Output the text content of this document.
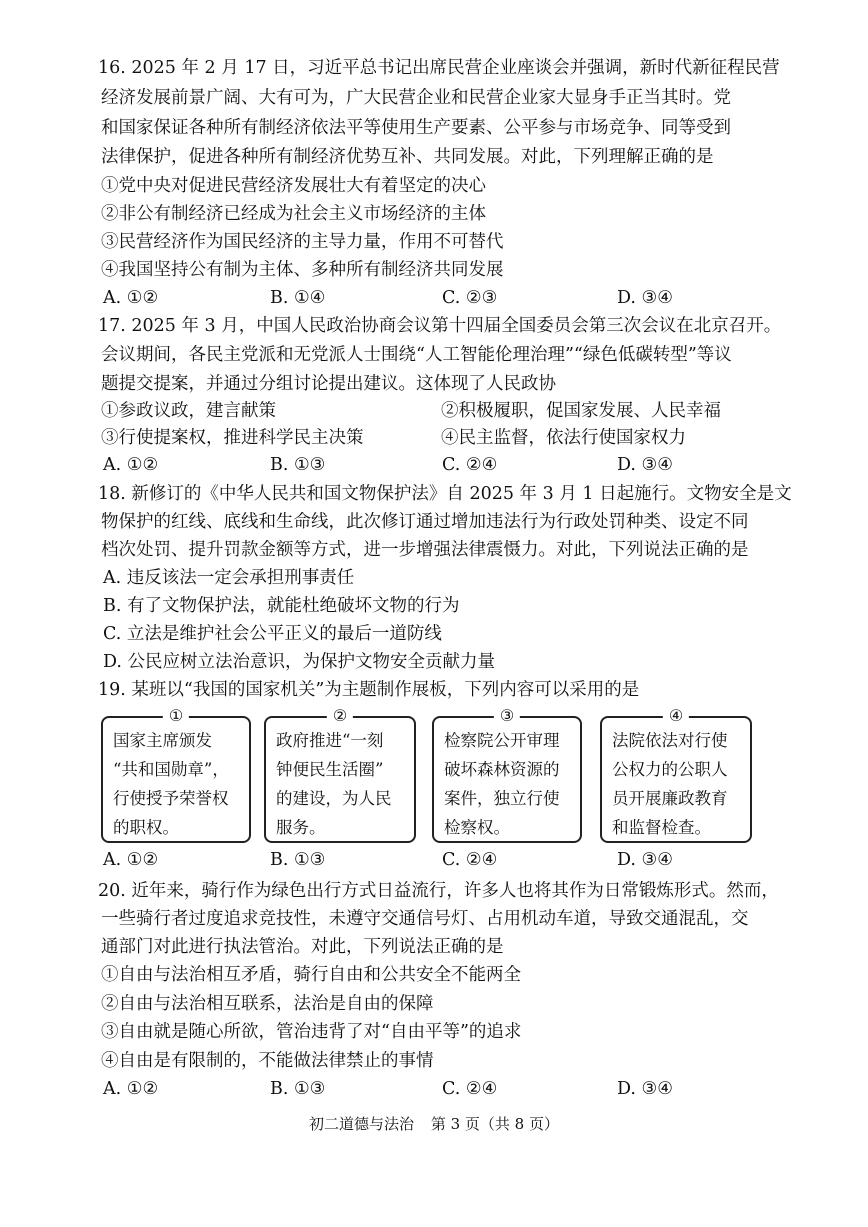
16. 2025 年 2 月 17 日，习近平总书记出席民营企业座谈会并强调，新时代新征程民营
经济发展前景广阔、大有可为，广大民营企业和民营企业家大显身手正当其时。党
和国家保证各种所有制经济依法平等使用生产要素、公平参与市场竞争、同等受到
法律保护，促进各种所有制经济优势互补、共同发展。对此，下列理解正确的是
①党中央对促进民营经济发展壮大有着坚定的决心
②非公有制经济已经成为社会主义市场经济的主体
③民营经济作为国民经济的主导力量，作用不可替代
④我国坚持公有制为主体、多种所有制经济共同发展
A. ①②	B. ①④	C. ②③	D. ③④
17. 2025 年 3 月，中国人民政治协商会议第十四届全国委员会第三次会议在北京召开。
会议期间，各民主党派和无党派人士围绕“人工智能伦理治理”“绿色低碳转型”等议
题提交提案，并通过分组讨论提出建议。这体现了人民政协
①参政议政，建言献策	②积极履职，促国家发展、人民幸福
③行使提案权，推进科学民主决策	④民主监督，依法行使国家权力
A. ①②	B. ①③	C. ②④	D. ③④
18. 新修订的《中华人民共和国文物保护法》自 2025 年 3 月 1 日起施行。文物安全是文
物保护的红线、底线和生命线，此次修订通过增加违法行为行政处罚种类、设定不同
档次处罚、提升罚款金额等方式，进一步增强法律震慑力。对此，下列说法正确的是
A. 违反该法一定会承担刑事责任
B. 有了文物保护法，就能杜绝破坏文物的行为
C. 立法是维护社会公平正义的最后一道防线
D. 公民应树立法治意识，为保护文物安全贡献力量
19. 某班以“我国的国家机关”为主题制作展板，下列内容可以采用的是
①
国家主席颁发
“共和国勋章”，
行使授予荣誉权
的职权。
②
政府推进“一刻
钟便民生活圈”
的建设，为人民
服务。
③
检察院公开审理
破坏森林资源的
案件，独立行使
检察权。
④
法院依法对行使
公权力的公职人
员开展廉政教育
和监督检查。
A. ①②	B. ①③	C. ②④	D. ③④
20. 近年来，骑行作为绿色出行方式日益流行，许多人也将其作为日常锻炼形式。然而，
一些骑行者过度追求竞技性，未遵守交通信号灯、占用机动车道，导致交通混乱，交
通部门对此进行执法管治。对此，下列说法正确的是
①自由与法治相互矛盾，骑行自由和公共安全不能两全
②自由与法治相互联系，法治是自由的保障
③自由就是随心所欲，管治违背了对“自由平等”的追求
④自由是有限制的，不能做法律禁止的事情
A. ①②	B. ①③	C. ②④	D. ③④
初二道德与法治 第 3 页（共 8 页）
